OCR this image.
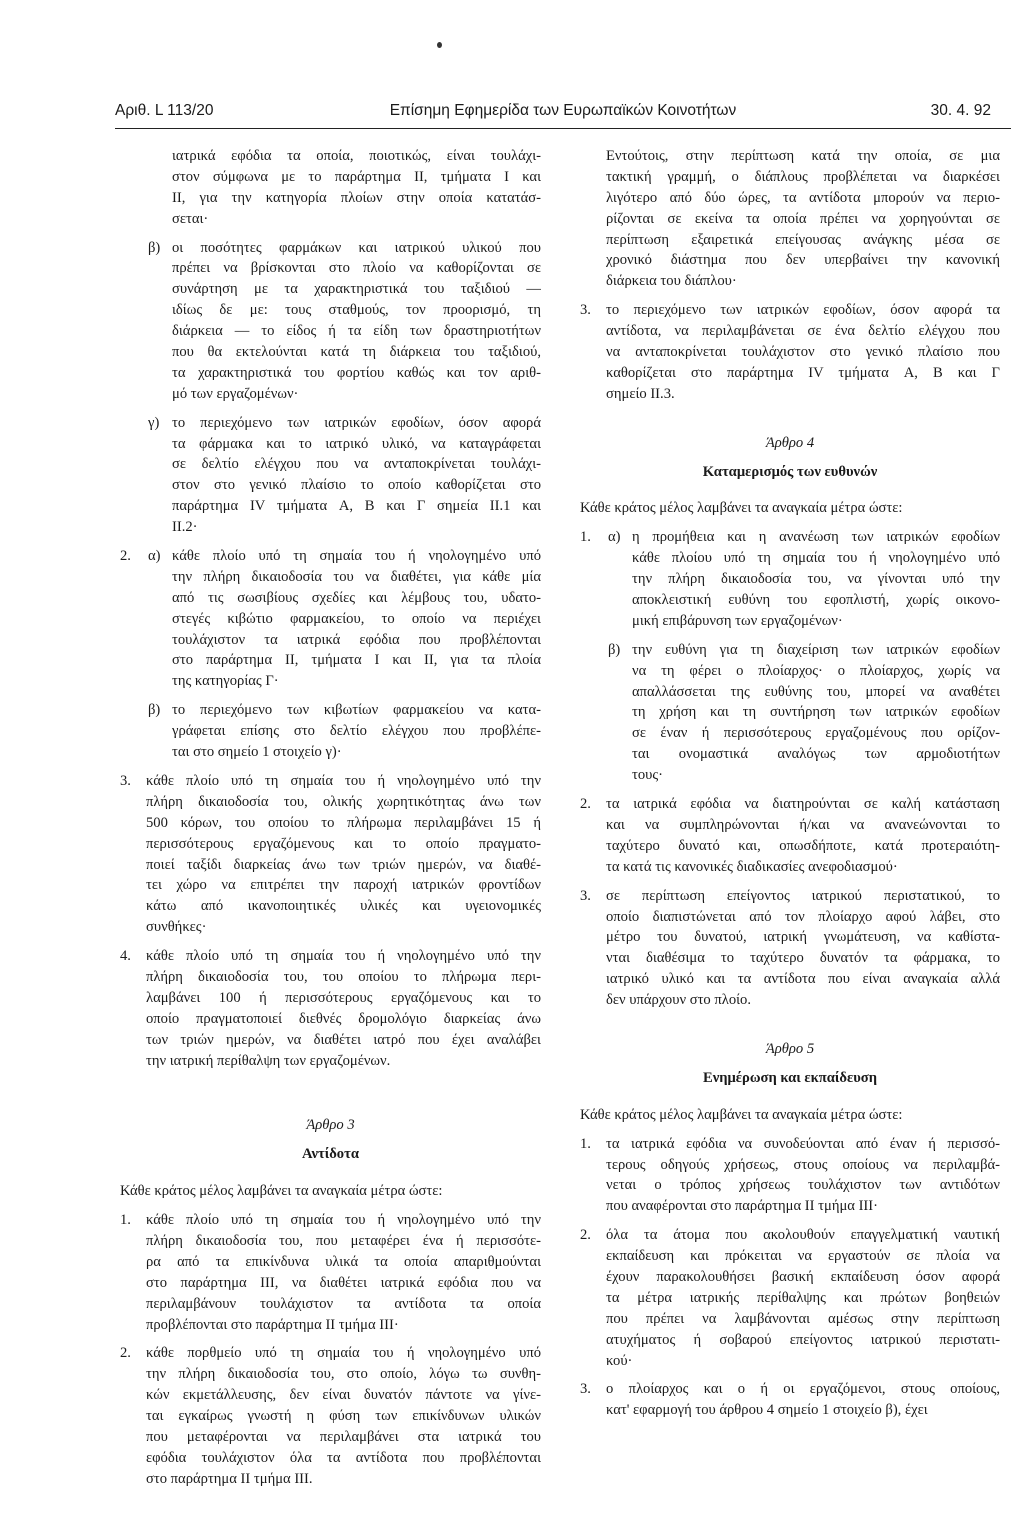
Αριθ. L 113/20	Επίσημη Εφημερίδα των Ευρωπαϊκών Κοινοτήτων	30. 4. 92
ιατρικά εφόδια τα οποία, ποιοτικώς, είναι τουλάχι-
στον σύμφωνα με το παράρτημα II, τμήματα I και
II, για την κατηγορία πλοίων στην οποία κατατάσ-
σεται·
οι ποσότητες φαρμάκων και ιατρικού υλικού που
β)
πρέπει να βρίσκονται στο πλοίο να καθορίζονται σε
συνάρτηση με τα χαρακτηριστικά του ταξιδιού —
ιδίως δε με: τους σταθμούς, τον προορισμό, τη
διάρκεια — το είδος ή τα είδη των δραστηριοτήτων
που θα εκτελούνται κατά τη διάρκεια του ταξιδιού,
τα χαρακτηριστικά του φορτίου καθώς και τον αριθ-
μό των εργαζομένων·
το περιεχόμενο των ιατρικών εφοδίων, όσον αφορά
γ)
τα φάρμακα και το ιατρικό υλικό, να καταγράφεται
σε δελτίο ελέγχου που να ανταποκρίνεται τουλάχι-
στον στο γενικό πλαίσιο το οποίο καθορίζεται στο
παράρτημα IV τμήματα A, B και Γ σημεία II.1 και
II.2·
κάθε πλοίο υπό τη σημαία του ή νηολογημένο υπό
2. α)
την πλήρη δικαιοδοσία του να διαθέτει, για κάθε μία
από τις σωσιβίους σχεδίες και λέμβους του, υδατο-
στεγές κιβώτιο φαρμακείου, το οποίο να περιέχει
τουλάχιστον τα ιατρικά εφόδια που προβλέπονται
στο παράρτημα II, τμήματα I και II, για τα πλοία
της κατηγορίας Γ·
το περιεχόμενο των κιβωτίων φαρμακείου να κατα-
β)
γράφεται επίσης στο δελτίο ελέγχου που προβλέπε-
ται στο σημείο 1 στοιχείο γ)·
κάθε πλοίο υπό τη σημαία του ή νηολογημένο υπό την
3.
πλήρη δικαιοδοσία του, ολικής χωρητικότητας άνω των
500 κόρων, του οποίου το πλήρωμα περιλαμβάνει 15 ή
περισσότερους εργαζόμενους και το οποίο πραγματο-
ποιεί ταξίδι διαρκείας άνω των τριών ημερών, να διαθέ-
τει χώρο να επιτρέπει την παροχή ιατρικών φροντίδων
κάτω από ικανοποιητικές υλικές και υγειονομικές
συνθήκες·
κάθε πλοίο υπό τη σημαία του ή νηολογημένο υπό την
4.
πλήρη δικαιοδοσία του, του οποίου το πλήρωμα περι-
λαμβάνει 100 ή περισσότερους εργαζόμενους και το
οποίο πραγματοποιεί διεθνές δρομολόγιο διαρκείας άνω
των τριών ημερών, να διαθέτει ιατρό που έχει αναλάβει
την ιατρική περίθαλψη των εργαζομένων.
Άρθρο 3
Αντίδοτα
Κάθε κράτος μέλος λαμβάνει τα αναγκαία μέτρα ώστε:
κάθε πλοίο υπό τη σημαία του ή νηολογημένο υπό την
1.
πλήρη δικαιοδοσία του, που μεταφέρει ένα ή περισσότε-
ρα από τα επικίνδυνα υλικά τα οποία απαριθμούνται
στο παράρτημα III, να διαθέτει ιατρικά εφόδια που να
περιλαμβάνουν τουλάχιστον τα αντίδοτα τα οποία
προβλέπονται στο παράρτημα II τμήμα III·
κάθε πορθμείο υπό τη σημαία του ή νηολογημένο υπό
2.
την πλήρη δικαιοδοσία του, στο οποίο, λόγω τω συνθη-
κών εκμετάλλευσης, δεν είναι δυνατόν πάντοτε να γίνε-
ται εγκαίρως γνωστή η φύση των επικίνδυνων υλικών
που μεταφέρονται να περιλαμβάνει στα ιατρικά του
εφόδια τουλάχιστον όλα τα αντίδοτα που προβλέπονται
στο παράρτημα II τμήμα III.
Εντούτοις, στην περίπτωση κατά την οποία, σε μια
τακτική γραμμή, ο διάπλους προβλέπεται να διαρκέσει
λιγότερο από δύο ώρες, τα αντίδοτα μπορούν να περιο-
ρίζονται σε εκείνα τα οποία πρέπει να χορηγούνται σε
περίπτωση εξαιρετικά επείγουσας ανάγκης μέσα σε
χρονικό διάστημα που δεν υπερβαίνει την κανονική
διάρκεια του διάπλου·
το περιεχόμενο των ιατρικών εφοδίων, όσον αφορά τα
3.
αντίδοτα, να περιλαμβάνεται σε ένα δελτίο ελέγχου που
να ανταποκρίνεται τουλάχιστον στο γενικό πλαίσιο που
καθορίζεται στο παράρτημα IV τμήματα A, B και Γ
σημείο II.3.
Άρθρο 4
Καταμερισμός των ευθυνών
Κάθε κράτος μέλος λαμβάνει τα αναγκαία μέτρα ώστε:
η προμήθεια και η ανανέωση των ιατρικών εφοδίων
1. α)
κάθε πλοίου υπό τη σημαία του ή νηολογημένο υπό
την πλήρη δικαιοδοσία του, να γίνονται υπό την
αποκλειστική ευθύνη του εφοπλιστή, χωρίς οικονο-
μική επιβάρυνση των εργαζομένων·
την ευθύνη για τη διαχείριση των ιατρικών εφοδίων
β)
να τη φέρει ο πλοίαρχος· ο πλοίαρχος, χωρίς να
απαλλάσσεται της ευθύνης του, μπορεί να αναθέτει
τη χρήση και τη συντήρηση των ιατρικών εφοδίων
σε έναν ή περισσότερους εργαζομένους που ορίζον-
ται ονομαστικά αναλόγως των αρμοδιοτήτων
τους·
τα ιατρικά εφόδια να διατηρούνται σε καλή κατάσταση
2.
και να συμπληρώνονται ή/και να ανανεώνονται το
ταχύτερο δυνατό και, οπωσδήποτε, κατά προτεραιότη-
τα κατά τις κανονικές διαδικασίες ανεφοδιασμού·
σε περίπτωση επείγοντος ιατρικού περιστατικού, το
3.
οποίο διαπιστώνεται από τον πλοίαρχο αφού λάβει, στο
μέτρο του δυνατού, ιατρική γνωμάτευση, να καθίστα-
νται διαθέσιμα το ταχύτερο δυνατόν τα φάρμακα, το
ιατρικό υλικό και τα αντίδοτα που είναι αναγκαία αλλά
δεν υπάρχουν στο πλοίο.
Άρθρο 5
Ενημέρωση και εκπαίδευση
Κάθε κράτος μέλος λαμβάνει τα αναγκαία μέτρα ώστε:
τα ιατρικά εφόδια να συνοδεύονται από έναν ή περισσό-
1.
τερους οδηγούς χρήσεως, στους οποίους να περιλαμβά-
νεται ο τρόπος χρήσεως τουλάχιστον των αντιδότων
που αναφέρονται στο παράρτημα II τμήμα III·
όλα τα άτομα που ακολουθούν επαγγελματική ναυτική
2.
εκπαίδευση και πρόκειται να εργαστούν σε πλοία να
έχουν παρακολουθήσει βασική εκπαίδευση όσον αφορά
τα μέτρα ιατρικής περίθαλψης και πρώτων βοηθειών
που πρέπει να λαμβάνονται αμέσως στην περίπτωση
ατυχήματος ή σοβαρού επείγοντος ιατρικού περιστατι-
κού·
ο πλοίαρχος και ο ή οι εργαζόμενοι, στους οποίους,
3.
κατ' εφαρμογή του άρθρου 4 σημείο 1 στοιχείο β), έχει
